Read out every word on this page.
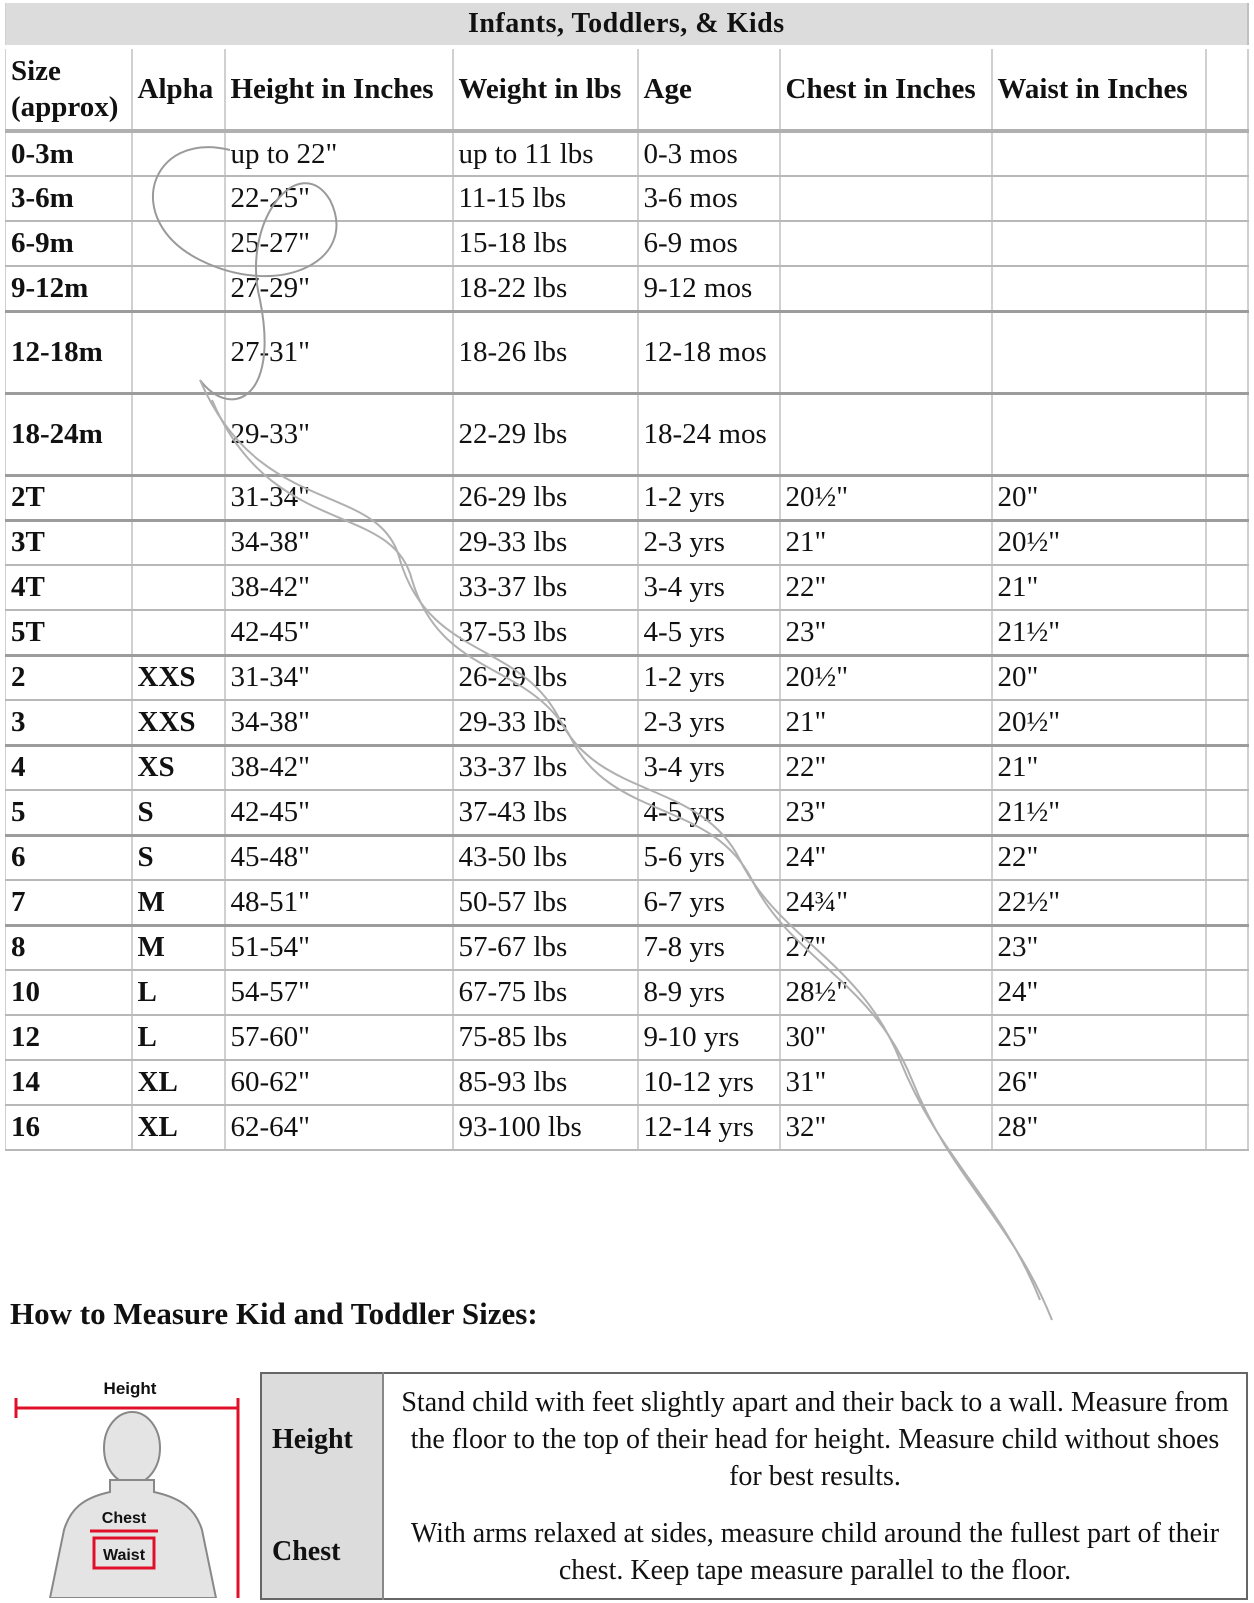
Infants, Toddlers, & Kids							
Size (approx)	Alpha	Height in Inches	Weight in lbs	Age	Chest in Inches	Waist in Inches	
0-3m		up to 22"	up to 11 lbs	0-3 mos			
3-6m		22-25"	11-15 lbs	3-6 mos			
6-9m		25-27"	15-18 lbs	6-9 mos			
9-12m		27-29"	18-22 lbs	9-12 mos			
12-18m		27-31"	18-26 lbs	12-18 mos			
18-24m		29-33"	22-29 lbs	18-24 mos			
2T		31-34"	26-29 lbs	1-2 yrs	20½"	20"	
3T		34-38"	29-33 lbs	2-3 yrs	21"	20½"	
4T		38-42"	33-37 lbs	3-4 yrs	22"	21"	
5T		42-45"	37-53 lbs	4-5 yrs	23"	21½"	
2	XXS	31-34"	26-29 lbs	1-2 yrs	20½"	20"	
3	XXS	34-38"	29-33 lbs	2-3 yrs	21"	20½"	
4	XS	38-42"	33-37 lbs	3-4 yrs	22"	21"	
5	S	42-45"	37-43 lbs	4-5 yrs	23"	21½"	
6	S	45-48"	43-50 lbs	5-6 yrs	24"	22"	
7	M	48-51"	50-57 lbs	6-7 yrs	24¾"	22½"	
8	M	51-54"	57-67 lbs	7-8 yrs	27"	23"	
10	L	54-57"	67-75 lbs	8-9 yrs	28½"	24"	
12	L	57-60"	75-85 lbs	9-10 yrs	30"	25"	
14	XL	60-62"	85-93 lbs	10-12 yrs	31"	26"	
16	XL	62-64"	93-100 lbs	12-14 yrs	32"	28"	
How to Measure Kid and Toddler Sizes:
Height
Chest
Waist
Height	Stand child with feet slightly apart and their back to a wall. Measure from the floor to the top of their head for height. Measure child without shoes for best results.
Chest	With arms relaxed at sides, measure child around the fullest part of their chest. Keep tape measure parallel to the floor.
